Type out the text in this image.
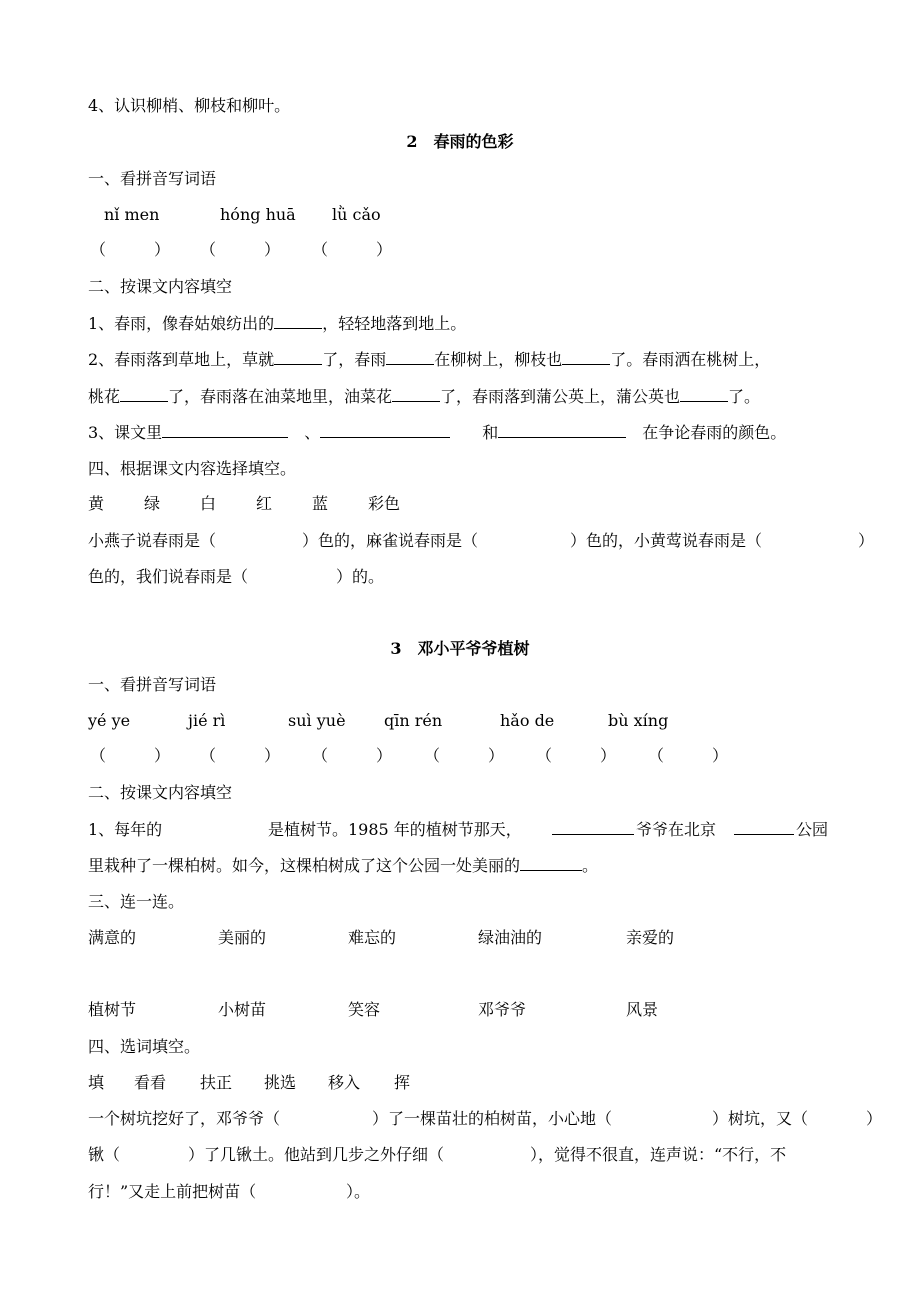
4、认识柳梢、柳枝和柳叶。
2　春雨的色彩
一、看拼音写词语
nǐ men	hóng huā lǜ cǎo
（　　　） （　　　） （　　　）
二、按课文内容填空
1、春雨，像春姑娘纺出的	，轻轻地落到地上。
2、春雨落到草地上，草就	了，春雨	在柳树上，柳枝也	了。春雨洒在桃树上，
桃花	了，春雨落在油菜地里，油菜花	了，春雨落到蒲公英上，蒲公英也	了。
3、课文里　	、　　	和　	在争论春雨的颜色。
四、根据课文内容选择填空。
黄 绿 白 红 蓝 彩色
小燕子说春雨是（	）色的，麻雀说春雨是（	）色的，小黄莺说春雨是（	）
色的，我们说春雨是（	）的。
3　邓小平爷爷植树
一、看拼音写词语
yé ye	jié rì	suì yuè qīn rén	hǎo de	bù xíng
（　　　） （　　　） （　　　） （　　　） （　　　） （　　　）
二、按课文内容填空
1、每年的	是植树节。1985 年的植树节那天，	爷爷在北京	公园
里栽种了一棵柏树。如今，这棵柏树成了这个公园一处美丽的	。
三、连一连。
满意的	美丽的	难忘的	绿油油的	亲爱的
植树节	小树苗	笑容	邓爷爷	风景
四、选词填空。
填 看看 扶正 挑选 移入 挥
一个树坑挖好了，邓爷爷（	）了一棵苗壮的柏树苗，小心地（	）树坑，又（	）
锹（	）了几锹土。他站到几步之外仔细（	），觉得不很直，连声说：“不行，不
行！”又走上前把树苗（	）。
